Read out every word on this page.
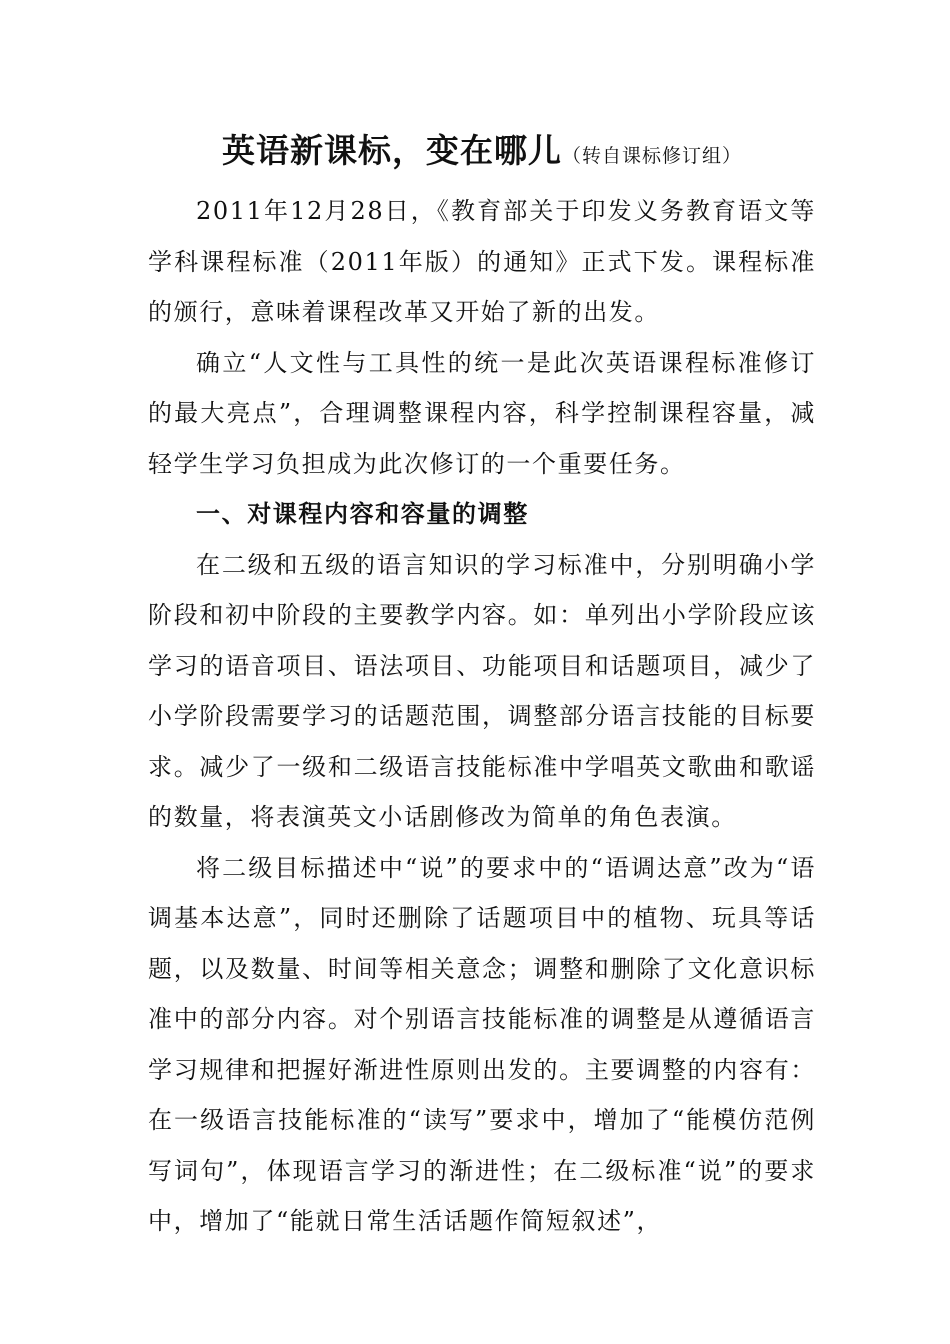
英语新课标，变在哪儿（转自课标修订组）

2011年12月28日，《教育部关于印发义务教育语文等学科课程标准（2011年版）的通知》正式下发。课程标准的颁行，意味着课程改革又开始了新的出发。

确立“人文性与工具性的统一是此次英语课程标准修订的最大亮点”，合理调整课程内容，科学控制课程容量，减轻学生学习负担成为此次修订的一个重要任务。

一、对课程内容和容量的调整

在二级和五级的语言知识的学习标准中，分别明确小学阶段和初中阶段的主要教学内容。如：单列出小学阶段应该学习的语音项目、语法项目、功能项目和话题项目，减少了小学阶段需要学习的话题范围，调整部分语言技能的目标要求。减少了一级和二级语言技能标准中学唱英文歌曲和歌谣的数量，将表演英文小话剧修改为简单的角色表演。

将二级目标描述中“说”的要求中的“语调达意”改为“语调基本达意”，同时还删除了话题项目中的植物、玩具等话题，以及数量、时间等相关意念；调整和删除了文化意识标准中的部分内容。对个别语言技能标准的调整是从遵循语言学习规律和把握好渐进性原则出发的。主要调整的内容有：在一级语言技能标准的“读写”要求中，增加了“能模仿范例写词句”，体现语言学习的渐进性；在二级标准“说”的要求中，增加了“能就日常生活话题作简短叙述”，
